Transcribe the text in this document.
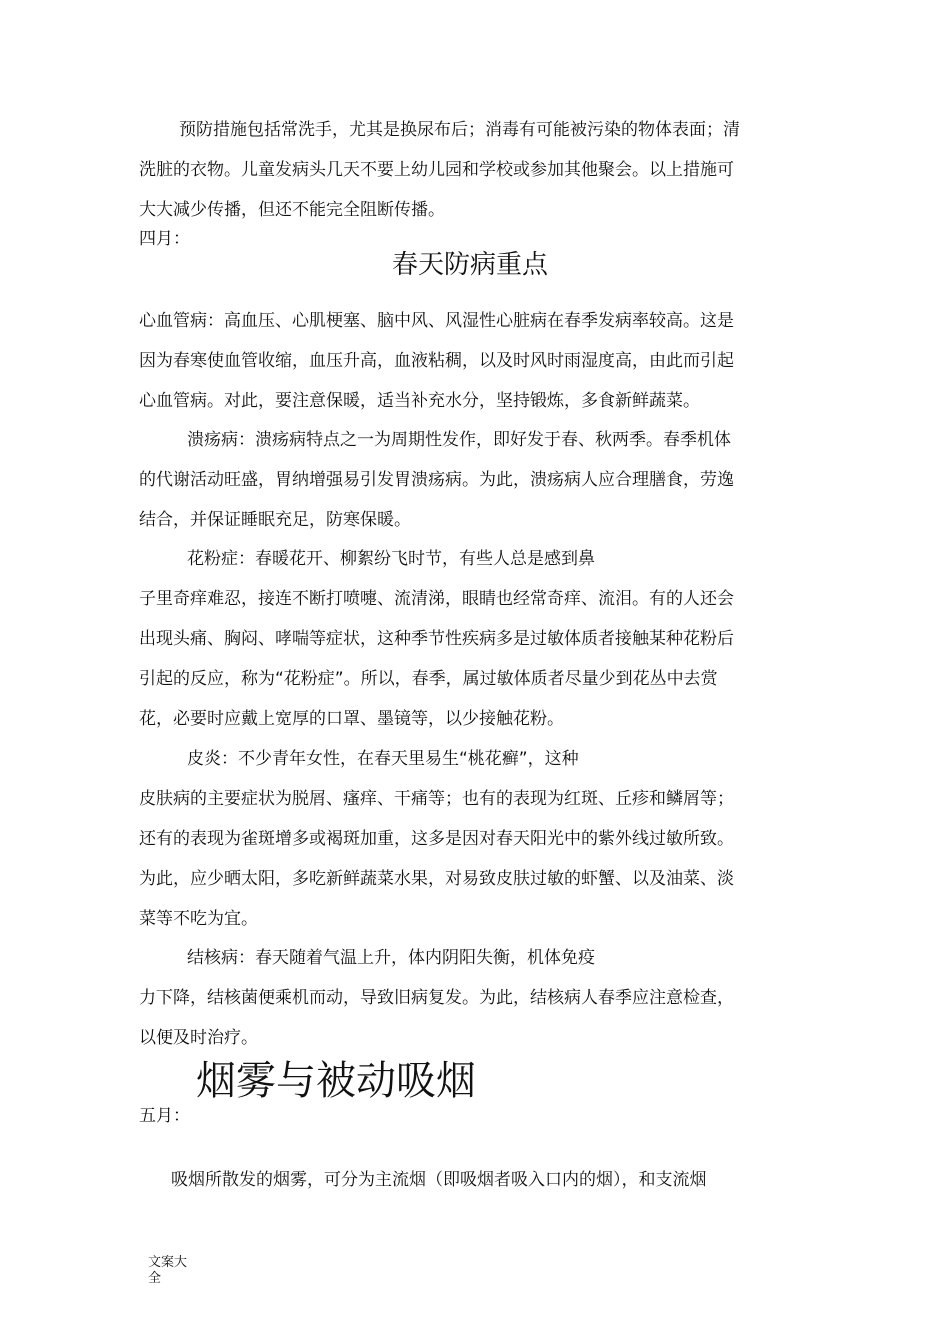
预防措施包括常洗手，尤其是换尿布后；消毒有可能被污染的物体表面；清
洗脏的衣物。儿童发病头几天不要上幼儿园和学校或参加其他聚会。以上措施可
大大减少传播，但还不能完全阻断传播。
四月：
春天防病重点
心血管病：高血压、心肌梗塞、脑中风、风湿性心脏病在春季发病率较高。这是
因为春寒使血管收缩，血压升高，血液粘稠，以及时风时雨湿度高，由此而引起
心血管病。对此，要注意保暖，适当补充水分，坚持锻炼，多食新鲜蔬菜。
溃疡病：溃疡病特点之一为周期性发作，即好发于春、秋两季。春季机体
的代谢活动旺盛，胃纳增强易引发胃溃疡病。为此，溃疡病人应合理膳食，劳逸
结合，并保证睡眠充足，防寒保暖。
花粉症：春暖花开、柳絮纷飞时节，有些人总是感到鼻
子里奇痒难忍，接连不断打喷嚏、流清涕，眼睛也经常奇痒、流泪。有的人还会
出现头痛、胸闷、哮喘等症状，这种季节性疾病多是过敏体质者接触某种花粉后
引起的反应，称为“花粉症”。所以，春季，属过敏体质者尽量少到花丛中去赏
花，必要时应戴上宽厚的口罩、墨镜等，以少接触花粉。
皮炎：不少青年女性，在春天里易生“桃花癣”，这种
皮肤病的主要症状为脱屑、瘙痒、干痛等；也有的表现为红斑、丘疹和鳞屑等；
还有的表现为雀斑增多或褐斑加重，这多是因对春天阳光中的紫外线过敏所致。
为此，应少晒太阳，多吃新鲜蔬菜水果，对易致皮肤过敏的虾蟹、以及油菜、淡
菜等不吃为宜。
结核病：春天随着气温上升，体内阴阳失衡，机体免疫
力下降，结核菌便乘机而动，导致旧病复发。为此，结核病人春季应注意检查，
以便及时治疗。
烟雾与被动吸烟
五月：
吸烟所散发的烟雾，可分为主流烟（即吸烟者吸入口内的烟），和支流烟
文案大全
